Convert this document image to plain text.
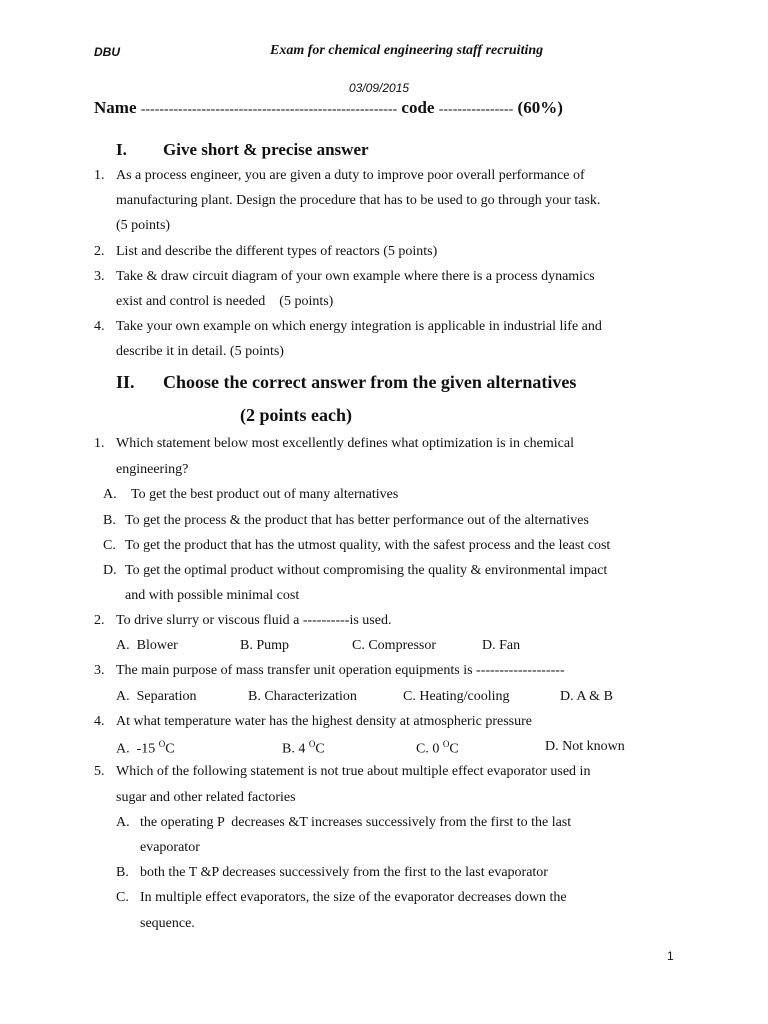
DBU	Exam for chemical engineering staff recruiting
03/09/2015
Name ------------------------------------------------------- code ---------------- (60%)
I. Give short & precise answer
1. As a process engineer, you are given a duty to improve poor overall performance of
manufacturing plant. Design the procedure that has to be used to go through your task.
(5 points)
2. List and describe the different types of reactors (5 points)
3. Take & draw circuit diagram of your own example where there is a process dynamics
exist and control is needed    (5 points)
4. Take your own example on which energy integration is applicable in industrial life and
describe it in detail. (5 points)
II. Choose the correct answer from the given alternatives
(2 points each)
1. Which statement below most excellently defines what optimization is in chemical
engineering?
A. To get the best product out of many alternatives
B. To get the process & the product that has better performance out of the alternatives
C. To get the product that has the utmost quality, with the safest process and the least cost
D. To get the optimal product without compromising the quality & environmental impact
and with possible minimal cost
2. To drive slurry or viscous fluid a ----------is used.
A.  Blower	B. Pump	C. Compressor	D. Fan
3. The main purpose of mass transfer unit operation equipments is -------------------
A.  Separation	B. Characterization	C. Heating/cooling	D. A & B
4. At what temperature water has the highest density at atmospheric pressure
A.  -15 $^O$C	B. 4 $^O$C	C. 0 $^O$C	D. Not known
5. Which of the following statement is not true about multiple effect evaporator used in
sugar and other related factories
A. the operating P  decreases &T increases successively from the first to the last
evaporator
B. both the T &P decreases successively from the first to the last evaporator
C. In multiple effect evaporators, the size of the evaporator decreases down the
sequence.
1
